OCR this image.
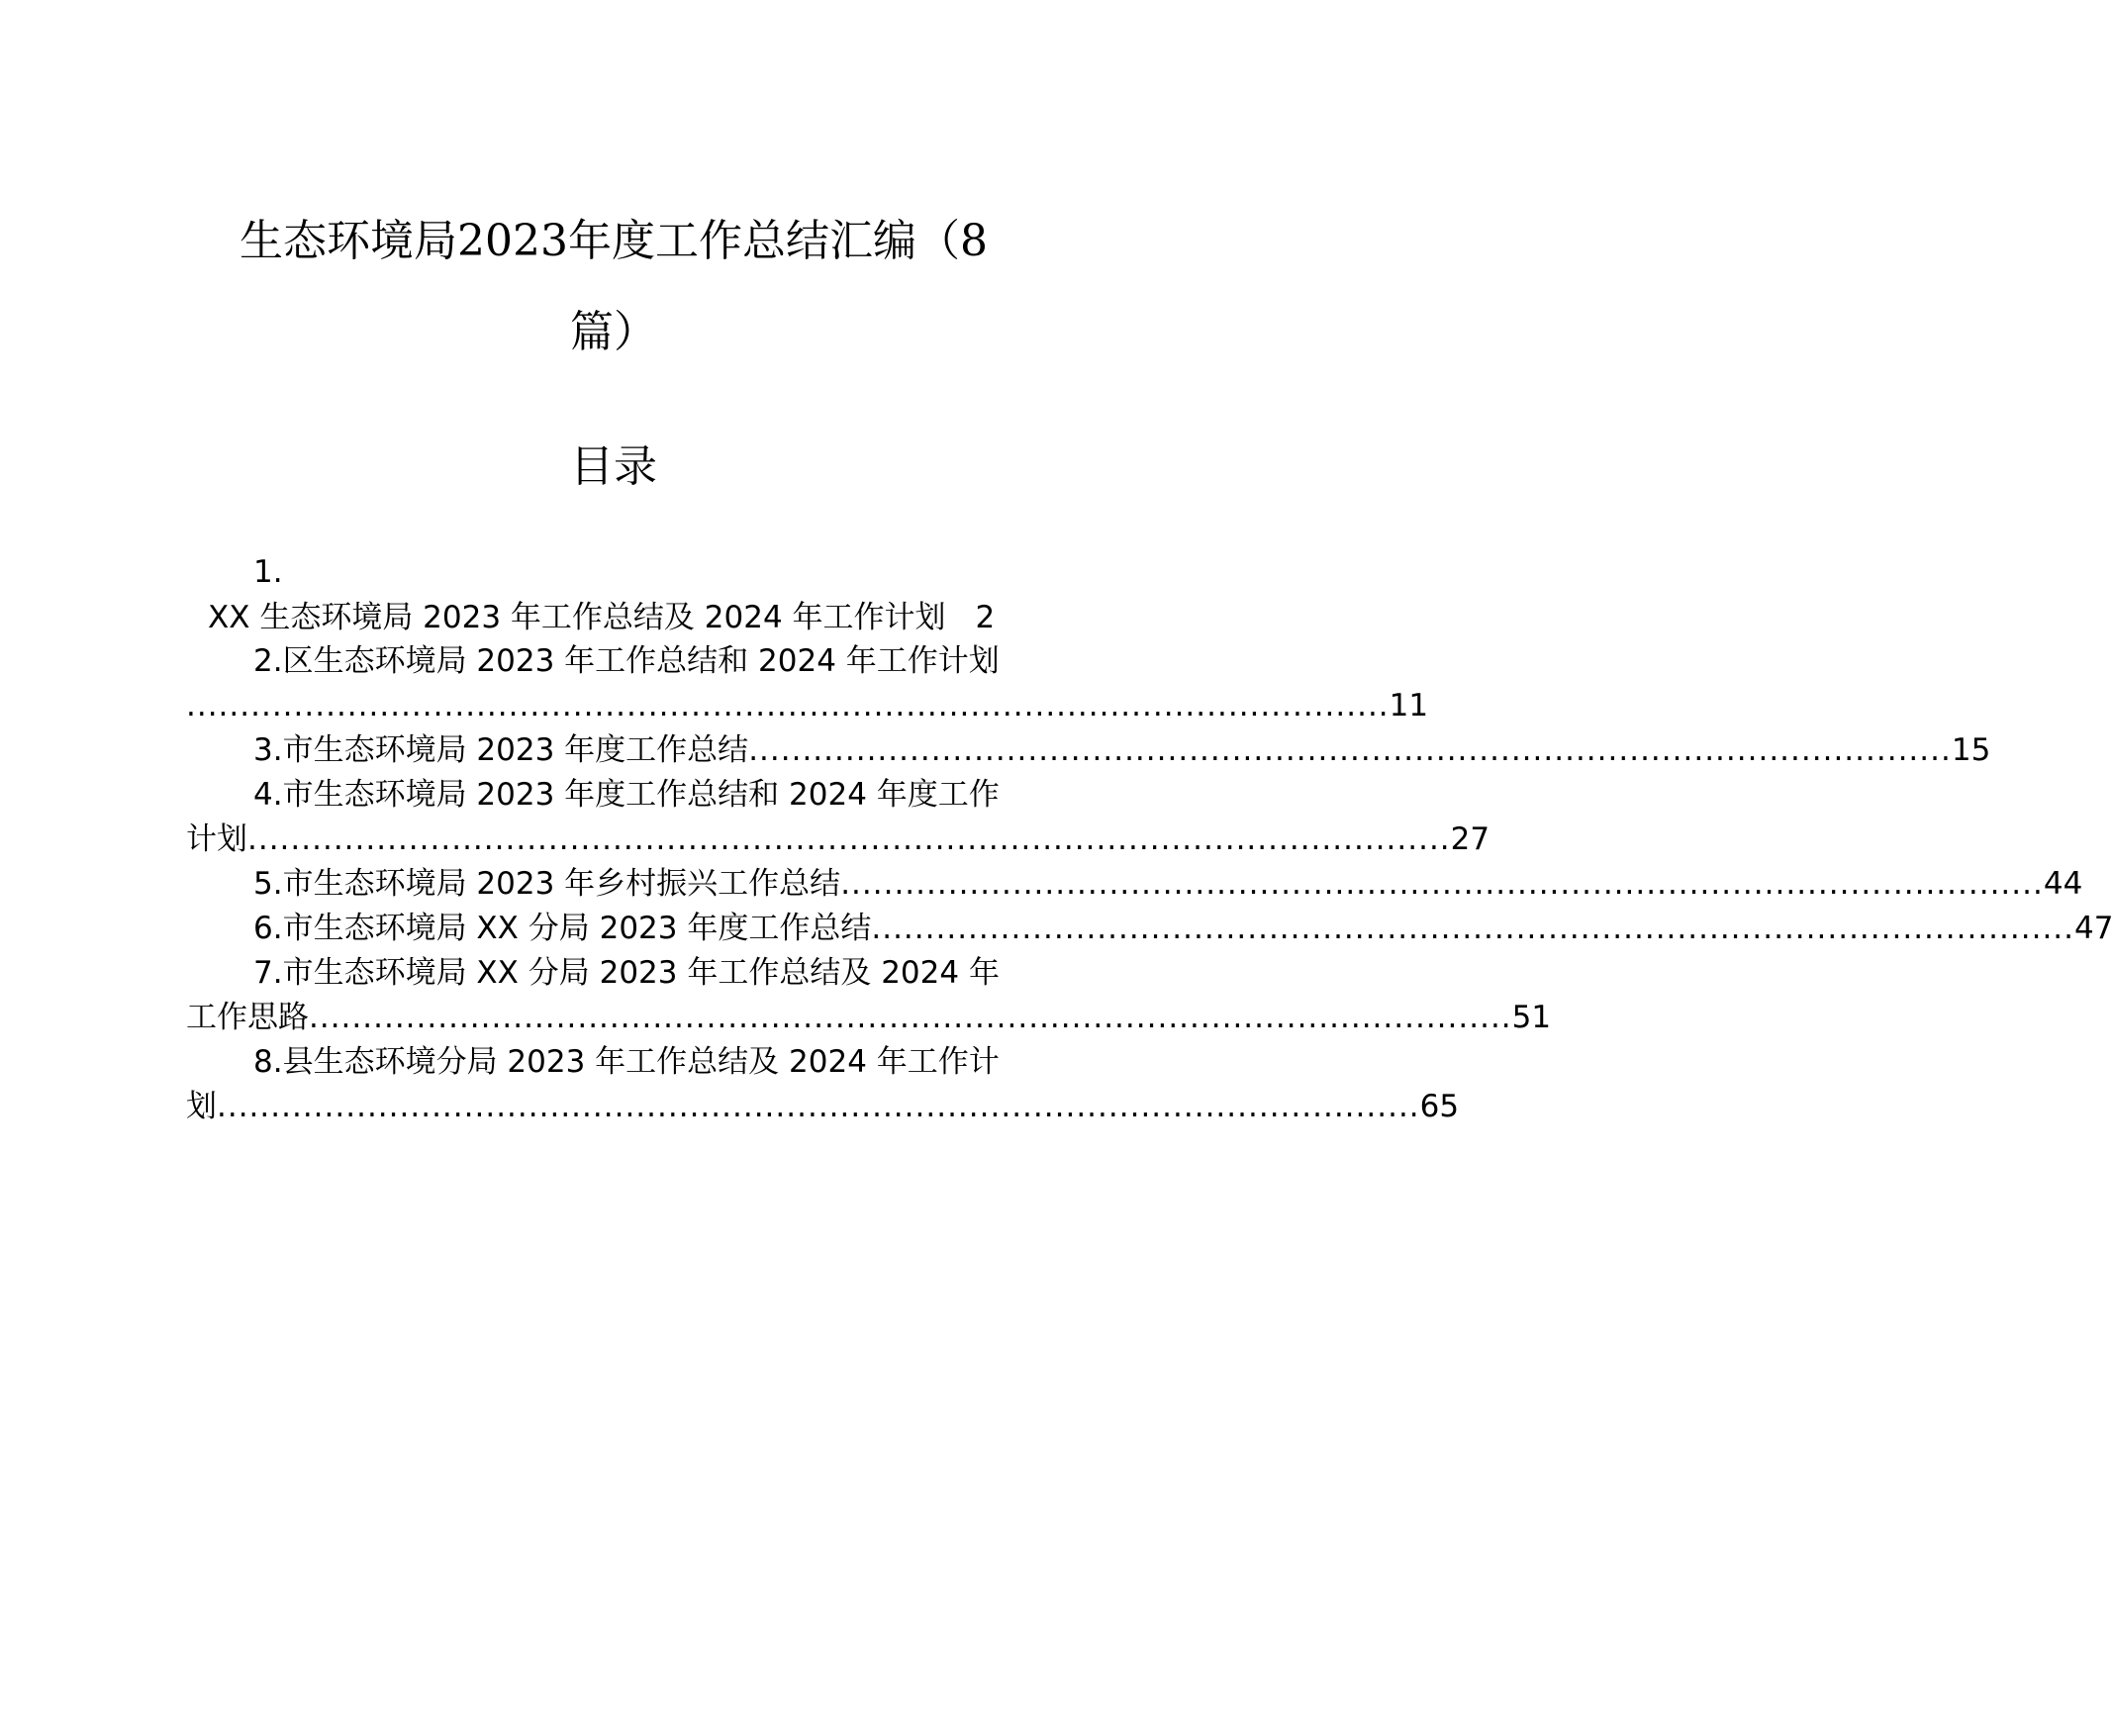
生态环境局2023年度工作总结汇编（8
篇）
目录
1.
XX 生态环境局 2023 年工作总结及 2024 年工作计划 2
2.区生态环境局 2023 年工作总结和 2024 年工作计划
................................................................................................................ 11
3. 市生态环境局 2023 年度工作总结 ................................................................................................................ 15
4.市生态环境局 2023 年度工作总结和 2024 年度工作
计划 ................................................................................................................ 27
5. 市生态环境局 2023 年乡村振兴工作总结 ................................................................................................................ 44
6. 市生态环境局 XX 分局 2023 年度工作总结 ................................................................................................................ 47
7.市生态环境局 XX 分局 2023 年工作总结及 2024 年
工作思路 ................................................................................................................ 51
8.县生态环境分局 2023 年工作总结及 2024 年工作计
划 ................................................................................................................ 65
